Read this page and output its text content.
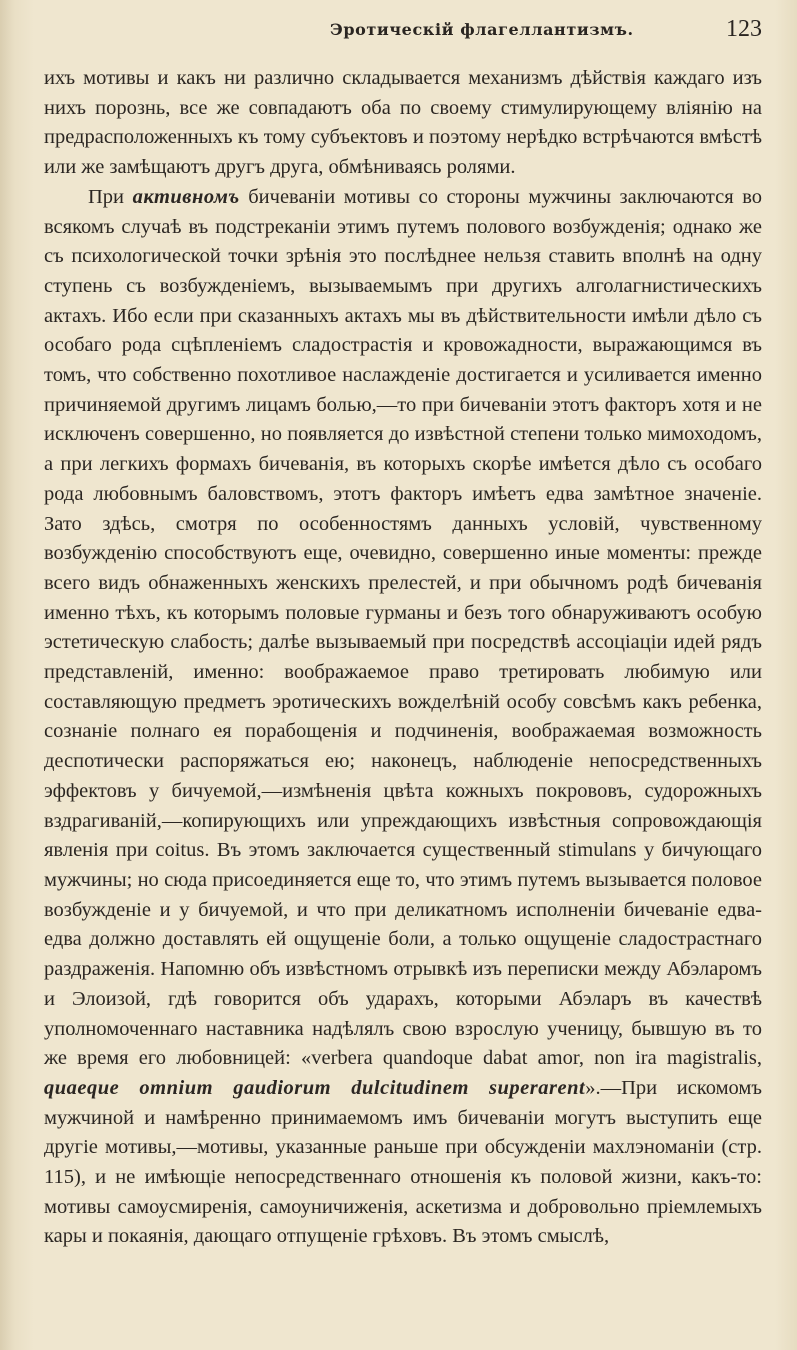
Эротическій флагеллантизмъ.	123

ихъ мотивы и какъ ни различно складывается механизмъ дѣйствія каждаго изъ нихъ порознь, все же совпадаютъ оба по своему стимулирующему вліянію на предрасположенныхъ къ тому субъектовъ и поэтому нерѣдко встрѣчаются вмѣстѣ или же замѣщаютъ другъ друга, обмѣниваясь ролями.

При активномъ бичеваніи мотивы со стороны мужчины заключаются во всякомъ случаѣ въ подстреканіи этимъ путемъ полового возбужденія; однако же съ психологической точки зрѣнія это послѣднее нельзя ставить вполнѣ на одну ступень съ возбужденіемъ, вызываемымъ при другихъ алголагнистическихъ актахъ. Ибо если при сказанныхъ актахъ мы въ дѣйствительности имѣли дѣло съ особаго рода сцѣпленіемъ сладострастія и кровожадности, выражающимся въ томъ, что собственно похотливое наслажденіе достигается и усиливается именно причиняемой другимъ лицамъ болью,—то при бичеваніи этотъ факторъ хотя и не исключенъ совершенно, но появляется до извѣстной степени только мимоходомъ, а при легкихъ формахъ бичеванія, въ которыхъ скорѣе имѣется дѣло съ особаго рода любовнымъ баловствомъ, этотъ факторъ имѣетъ едва замѣтное значеніе. Зато здѣсь, смотря по особенностямъ данныхъ условій, чувственному возбужденію способствуютъ еще, очевидно, совершенно иные моменты: прежде всего видъ обнаженныхъ женскихъ прелестей, и при обычномъ родѣ бичеванія именно тѣхъ, къ которымъ половые гурманы и безъ того обнаруживаютъ особую эстетическую слабость; далѣе вызываемый при посредствѣ ассоціаціи идей рядъ представленій, именно: воображаемое право третировать любимую или составляющую предметъ эротическихъ вожделѣній особу совсѣмъ какъ ребенка, сознаніе полнаго ея порабощенія и подчиненія, воображаемая возможность деспотически распоряжаться ею; наконецъ, наблюденіе непосредственныхъ эффектовъ у бичуемой,—измѣненія цвѣта кожныхъ покрововъ, судорожныхъ вздрагиваній,—копирующихъ или упреждающихъ извѣстныя сопровождающія явленія при coitus. Въ этомъ заключается существенный stimulans у бичующаго мужчины; но сюда присоединяется еще то, что этимъ путемъ вызывается половое возбужденіе и у бичуемой, и что при деликатномъ исполненіи бичеваніе едва-едва должно доставлять ей ощущеніе боли, а только ощущеніе сладострастнаго раздраженія. Напомню объ извѣстномъ отрывкѣ изъ переписки между Абэларомъ и Элоизой, гдѣ говорится объ ударахъ, которыми Абэларъ въ качествѣ уполномоченнаго наставника надѣлялъ свою взрослую ученицу, бывшую въ то же время его любовницей: «verbera quandoque dabat amor, non ira magistralis, quaeque omnium gaudiorum dulcitudinem superarent».—При искомомъ мужчиной и намѣренно принимаемомъ имъ бичеваніи могутъ выступить еще другіе мотивы,—мотивы, указанные раньше при обсужденіи махлэноманіи (стр. 115), и не имѣющіе непосредственнаго отношенія къ половой жизни, какъ-то: мотивы самоусмиренія, самоуничиженія, аскетизма и добровольно пріемлемыхъ кары и покаянія, дающаго отпущеніе грѣховъ. Въ этомъ смыслѣ,
